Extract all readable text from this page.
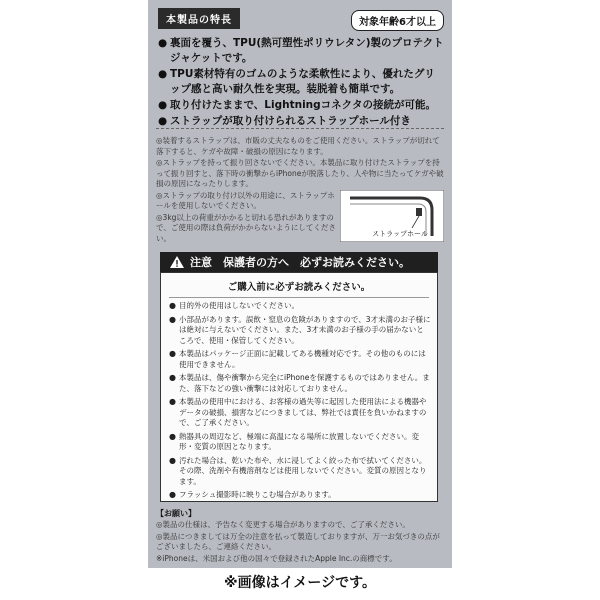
本製品の特長	対象年齢6才以上
● 裏面を覆う、TPU(熱可塑性ポリウレタン)製のプロテクトジャケットです。
● TPU素材特有のゴムのような柔軟性により、優れたグリップ感と高い耐久性を実現。装脱着も簡単です。
● 取り付けたままで、Lightningコネクタの接続が可能。
● ストラップが取り付けられるストラップホール付き
◎装着するストラップは、市販の丈夫なものをご使用ください。ストラップが切れて落下すると、ケガや故障・破損の原因になります。
◎ストラップを持って振り回さないでください。本製品に取り付けたストラップを持って振り回すと、落下時の衝撃からiPhoneが脱落したり、人や物に当たってケガや破損の原因になったりします。
◎ストラップの取り付け以外の用途に、ストラップホールを使用しないでください。
◎3kg以上の荷重がかかると切れる恐れがありますので、ご使用の際は負荷がかからないようにしてください。	ストラップホール
注意　保護者の方へ　必ずお読みください。
ご購入前に必ずお読みください。
● 目的外の使用はしないでください。
● 小部品があります。誤飲・窒息の危険がありますので、3才未満のお子様には絶対に与えないでください。また、3才未満のお子様の手の届かないところで、使用・保管してください。
● 本製品はパッケージ正面に記載してある機種対応です。その他のものには使用できません。
● 本製品は、傷や衝撃から完全にiPhoneを保護するものではありません。また、落下などの強い衝撃には対応しておりません。
● 本製品の使用中における、お客様の過失等に起因した使用法による機器やデータの破損、損害などにつきましては、弊社では責任を負いかねますので、ご了承ください。
● 熱器具の周辺など、極端に高温になる場所に放置しないでください。変形・変質の原因となります。
● 汚れた場合は、乾いた布や、水に浸してよく絞った布で拭いてください。その際、洗剤や有機溶剤などは使用しないでください。変質の原因となります。
● フラッシュ撮影時に映りこむ場合があります。
【お願い】
◎製品の仕様は、予告なく変更する場合がありますので、ご了承ください。
◎製品につきましては万全の注意を払って製造しておりますが、万一お気づきの点がございましたら、ご連絡ください。
※iPhoneは、米国および他の国々で登録されたApple Inc.の商標です。
※画像はイメージです。
